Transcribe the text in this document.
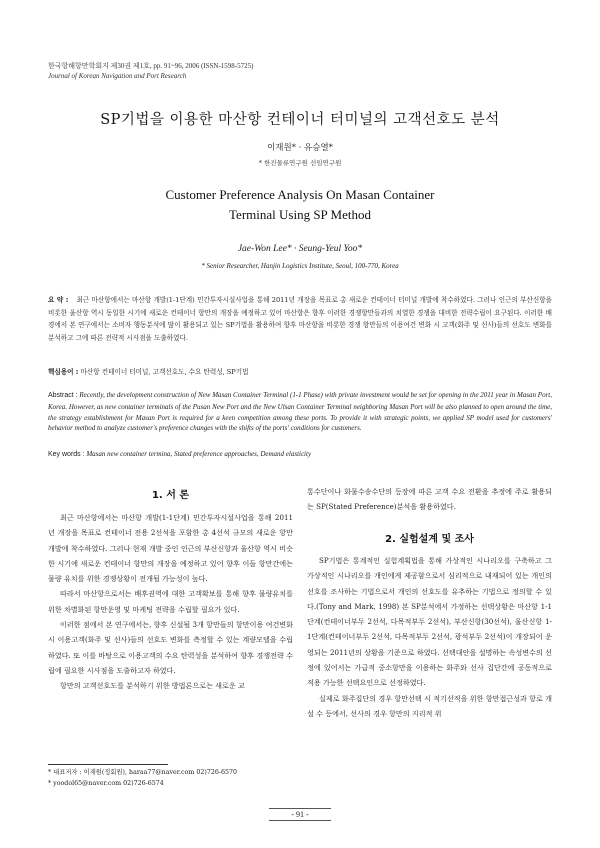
한국항해항만학회지 제30권 제1호, pp. 91~96, 2006 (ISSN-1598-5725)
Journal of Korean Navigation and Port Research
SP기법을 이용한 마산항 컨테이너 터미널의 고객선호도 분석
이재원* · 유승열*
* 한진물류연구원 선임연구원
Customer Preference Analysis On Masan Container
Terminal Using SP Method
Jae-Won Lee* · Seung-Yeul Yoo*
* Senior Researcher, Hanjin Logistics Institute, Seoul, 100-770, Korea
요 약 : 최근 마산항에서는 마산항 개발(1-1단계) 민간투자시설사업을 통해 2011년 개장을 목표로 총 새로운 컨테이너 터미널 개발에 착수하였다. 그러나 인근의 부산신항을 비롯한 울산항 역시 동일한 시기에 새로운 컨테이너 항만의 개장을 예정하고 있어 마산항은 향후 이러한 경쟁항만들과의 치열한 경쟁을 대비한 전략수립이 요구된다. 이러한 배경에서 본 연구에서는 소비자 행동분석에 많이 활용되고 있는 SP기법을 활용하여 향후 마산항을 비롯한 경쟁 항만들의 이용여건 변화 시 고객(화주 및 선사)들의 선호도 변화를 분석하고 그에 따른 전략적 시사점을 도출하였다.
핵심용어 : 마산항 컨테이너 터미널, 고객선호도, 수요 탄력성, SP기법
Abstract : Recently, the development construction of New Masan Container Terminal (1-1 Phase) with private investment would be set for opening in the 2011 year in Masan Port, Korea. However, as new container terminals of the Pusan New Port and the New Ulsan Container Terminal neighboring Masan Port will be also planned to open around the time, the strategy establishment for Masan Port is required for a keen competition among these ports. To provide it with strategic points, we applied SP model used for customers' behavior method to analyze customer's preference changes with the shifts of the ports' conditions for customers.
Key words : Masan new container termina, Stated preference approaches, Demand elasticity
1. 서 론

최근 마산항에서는 마산항 개발(1-1단계) 민간투자시설사업을 통해 2011년 개장을 목표로 컨테이너 전용 2선석을 포함한 총 4선석 규모의 새로운 항만 개발에 착수하였다. 그러나 현재 개발 중인 인근의 부산신항과 울산항 역시 비슷한 시기에 새로운 컨테이너 항만의 개장을 예정하고 있어 향후 이들 항만간에는 물량 유치를 위한 경쟁상황이 전개될 가능성이 높다.

따라서 마산항으로서는 배후권역에 대한 고객확보를 통해 향후 물량유치를 위한 차별화된 항만운영 및 마케팅 전략을 수립할 필요가 있다.

이러한 점에서 본 연구에서는, 향후 신설될 3개 항만들의 항만이용 여건변화 시 이용고객(화주 및 선사)들의 선호도 변화를 측정할 수 있는 계량모델을 수립하였다. 또 이를 바탕으로 이용고객의 수요 탄력성을 분석하여 향후 경쟁전략 수립에 필요한 시사점을 도출하고자 하였다.

항만의 고객선호도를 분석하기 위한 방법론으로는 새로운 교

통수단이나 화물수송수단의 등장에 따른 고객 수요 전환을 추정에 주로 활용되는 SP(Stated Preference)분석을 활용하였다.

2. 실험설계 및 조사

SP기법은 통계적인 실험계획법을 통해 가상적인 시나리오를 구축하고 그 가상적인 시나리오를 개인에게 제공함으로서 심리적으로 내재되어 있는 개인의 선호를 조사하는 기법으로서 개인의 선호도를 유추하는 기법으로 정의할 수 있다.(Tony and Mark, 1998) 본 SP분석에서 가정하는 선택상황은 마산항 1-1단계(컨테이너부두 2선석, 다목적부두 2선석), 부산신항(30선석), 울산신항 1-1단계(컨테이너부두 2선석, 다목적부두 2선석, 광석부두 2선석)이 개장되어 운영되는 2011년의 상황을 기준으로 하였다. 선택대안을 설명하는 속성변수의 선정에 있어서는 가급적 중소항만을 이용하는 화주와 선사 집단간에 공동적으로 적용 가능한 선택요인으로 선정하였다.

실제로 화주집단의 경우 항만선택 시 적기선적을 위한 항만접근성과 항로 개설 수 등에서, 선사의 경우 항만의 지리적 위

* 대표저자 : 이재원(정회원), haraa77@naver.com 02)726-6570
* yoodol65@naver.com 02)726-6574
- 91 -
